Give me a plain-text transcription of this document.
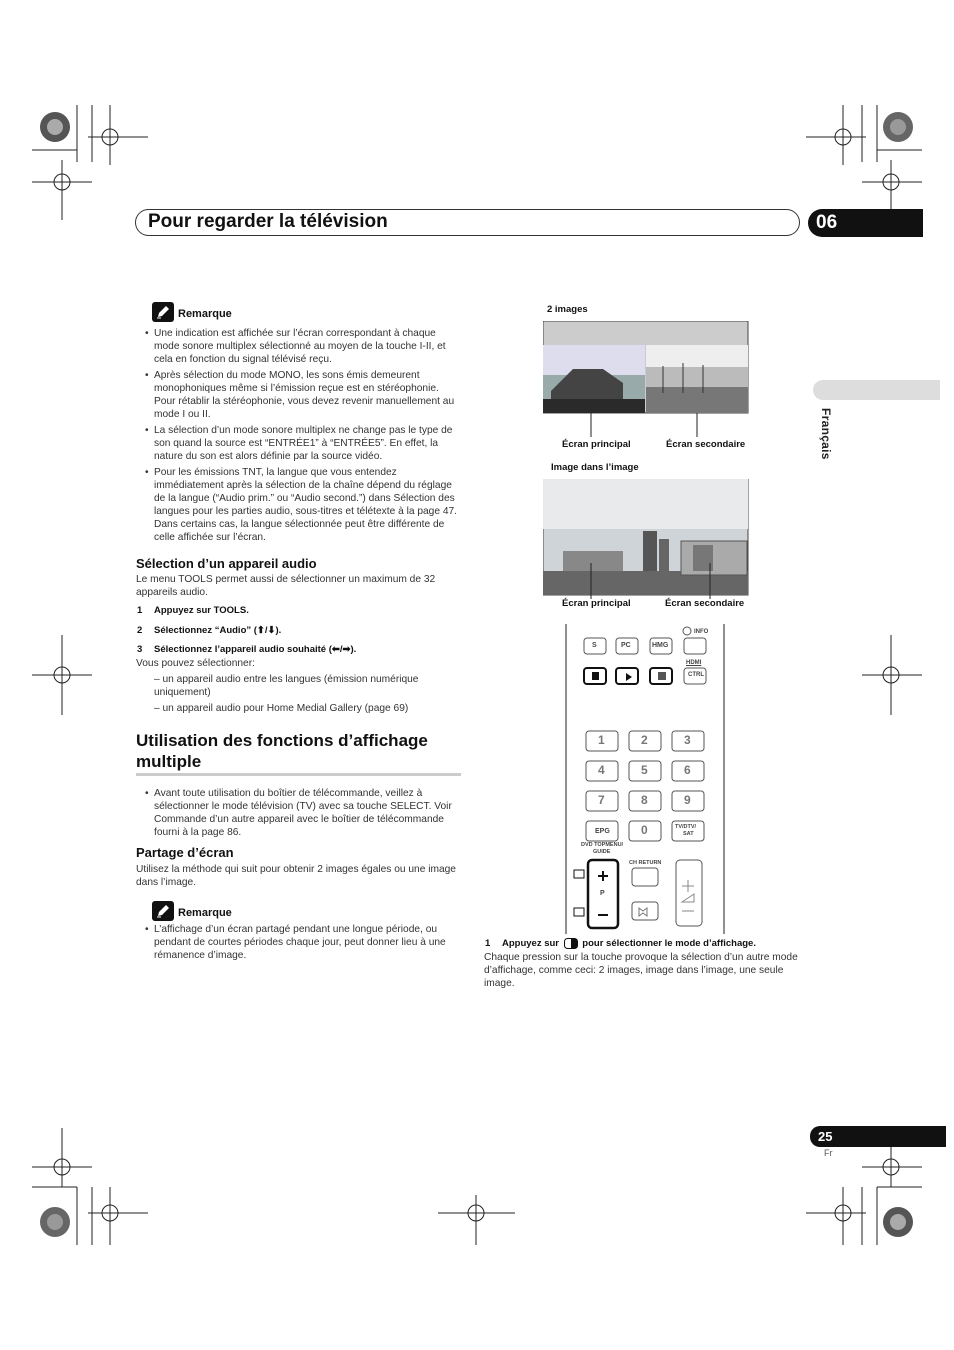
Pour regarder la télévision	06
Français
Remarque
• Une indication est affichée sur l’écran correspondant à chaque mode sonore multiplex sélectionné au moyen de la touche I-II, et cela en fonction du signal télévisé reçu.
• Après sélection du mode MONO, les sons émis demeurent monophoniques même si l’émission reçue est en stéréophonie. Pour rétablir la stéréophonie, vous devez revenir manuellement au mode I ou II.
• La sélection d’un mode sonore multiplex ne change pas le type de son quand la source est “ENTRÉE1” à “ENTRÉE5”. En effet, la nature du son est alors définie par la source vidéo.
• Pour les émissions TNT, la langue que vous entendez immédiatement après la sélection de la chaîne dépend du réglage de la langue (“Audio prim.” ou “Audio second.”) dans Sélection des langues pour les parties audio, sous-titres et télétexte à la page 47. Dans certains cas, la langue sélectionnée peut être différente de celle affichée sur l’écran.
Sélection d’un appareil audio
Le menu TOOLS permet aussi de sélectionner un maximum de 32 appareils audio.
1 Appuyez sur TOOLS.
2 Sélectionnez “Audio” (⬆/⬇).
3 Sélectionnez l’appareil audio souhaité (⬅/➡).
Vous pouvez sélectionner:
– un appareil audio entre les langues (émission numérique uniquement)
– un appareil audio pour Home Medial Gallery (page 69)
Utilisation des fonctions d’affichage
multiple
• Avant toute utilisation du boîtier de télécommande, veillez à sélectionner le mode télévision (TV) avec sa touche SELECT. Voir Commande d’un autre appareil avec le boîtier de télécommande fourni à la page 86.
Partage d’écran
Utilisez la méthode qui suit pour obtenir 2 images égales ou une image dans l’image.
Remarque
• L’affichage d’un écran partagé pendant une longue période, ou pendant de courtes périodes chaque jour, peut donner lieu à une rémanence d’image.
2 images
Écran principal	Écran secondaire
Image dans l’image
Écran principal	Écran secondaire
S	PC	HMG
INFO
HDMI
CTRL
1	2	3
4	5	6
7	8	9
EPG	0	TV/DTV/
SAT
DVD TOPMENU/
GUIDE
CH RETURN
P
1 Appuyez sur pour sélectionner le mode d’affichage.
Chaque pression sur la touche provoque la sélection d’un autre mode d’affichage, comme ceci: 2 images, image dans l’image, une seule image.
25
Fr
